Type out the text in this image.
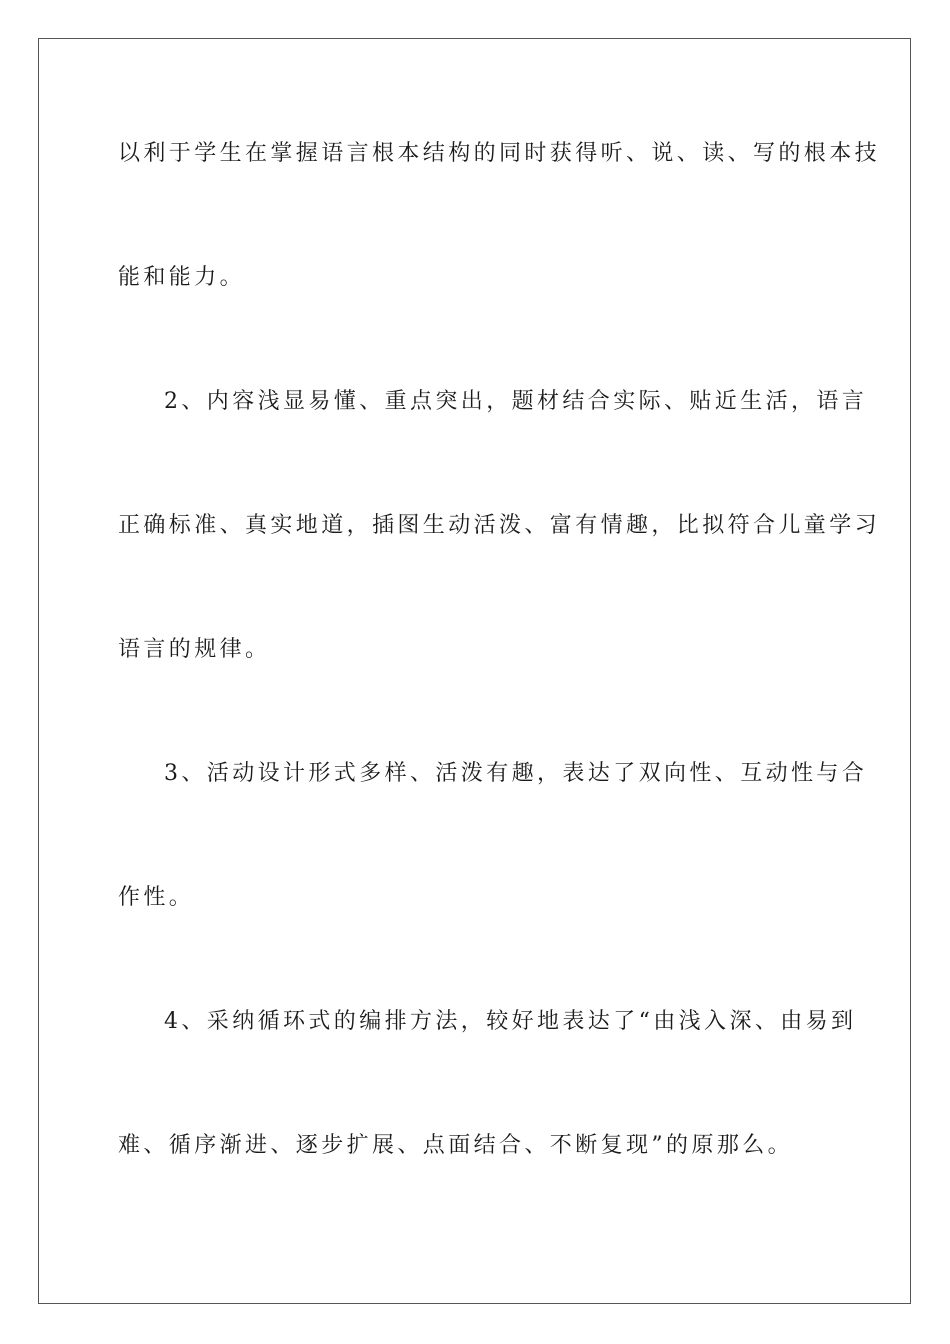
以利于学生在掌握语言根本结构的同时获得听、说、读、写的根本技
能和能力。
2、内容浅显易懂、重点突出，题材结合实际、贴近生活，语言
正确标准、真实地道，插图生动活泼、富有情趣，比拟符合儿童学习
语言的规律。
3、活动设计形式多样、活泼有趣，表达了双向性、互动性与合
作性。
4、采纳循环式的编排方法，较好地表达了“由浅入深、由易到
难、循序渐进、逐步扩展、点面结合、不断复现”的原那么。
